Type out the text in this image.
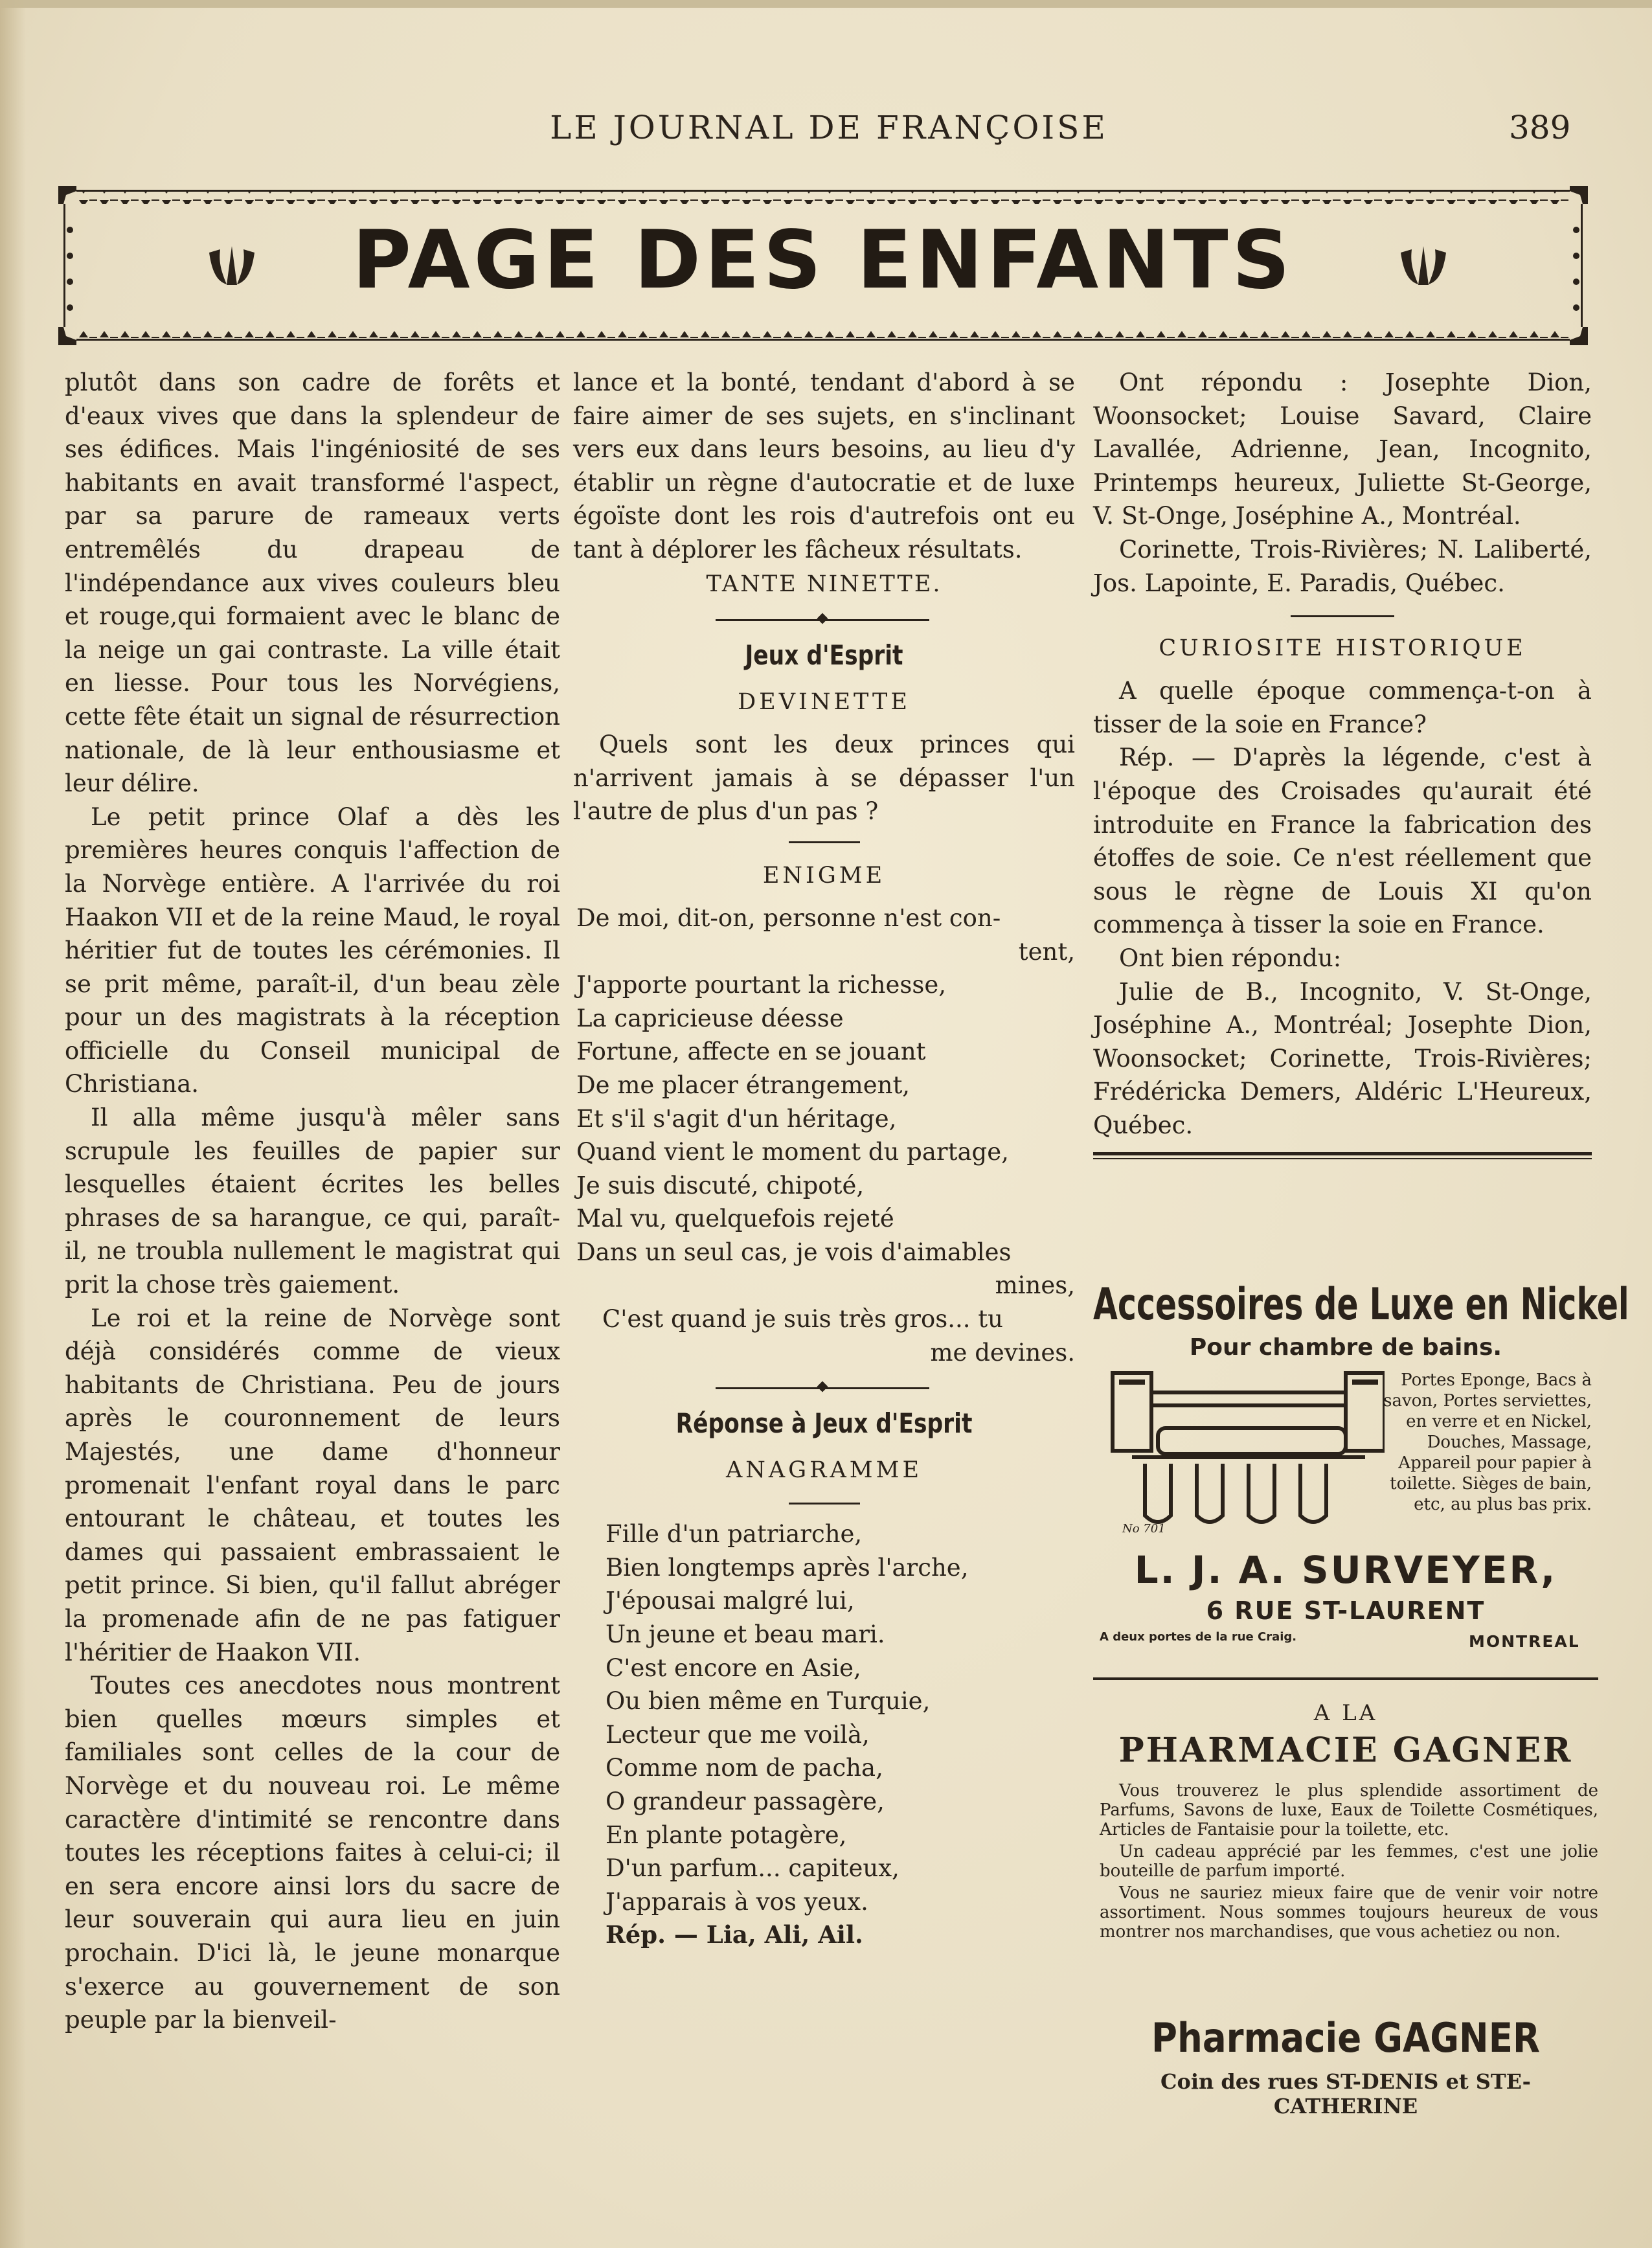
LE JOURNAL DE FRANÇOISE	389
PAGE DES ENFANTS

plutôt dans son cadre de forêts et d'eaux vives que dans la splendeur de ses édifices. Mais l'ingéniosité de ses habitants en avait transformé l'aspect, par sa parure de rameaux verts entremêlés du drapeau de l'indépendance aux vives couleurs bleu et rouge,qui formaient avec le blanc de la neige un gai contraste. La ville était en liesse. Pour tous les Norvégiens, cette fête était un signal de résurrection nationale, de là leur enthousiasme et leur délire.

Le petit prince Olaf a dès les premières heures conquis l'affection de la Norvège entière. A l'arrivée du roi Haakon VII et de la reine Maud, le royal héritier fut de toutes les cérémonies. Il se prit même, paraît-il, d'un beau zèle pour un des magistrats à la réception officielle du Conseil municipal de Christiana.

Il alla même jusqu'à mêler sans scrupule les feuilles de papier sur lesquelles étaient écrites les belles phrases de sa harangue, ce qui, paraît-il, ne troubla nullement le magistrat qui prit la chose très gaiement.

Le roi et la reine de Norvège sont déjà considérés comme de vieux habitants de Christiana. Peu de jours après le couronnement de leurs Majestés, une dame d'honneur promenait l'enfant royal dans le parc entourant le château, et toutes les dames qui passaient embrassaient le petit prince. Si bien, qu'il fallut abréger la promenade afin de ne pas fatiguer l'héritier de Haakon VII.

Toutes ces anecdotes nous montrent bien quelles mœurs simples et familiales sont celles de la cour de Norvège et du nouveau roi. Le même caractère d'intimité se rencontre dans toutes les réceptions faites à celui-ci; il en sera encore ainsi lors du sacre de leur souverain qui aura lieu en juin prochain. D'ici là, le jeune monarque s'exerce au gouvernement de son peuple par la bienveil-

lance et la bonté, tendant d'abord à se faire aimer de ses sujets, en s'inclinant vers eux dans leurs besoins, au lieu d'y établir un règne d'autocratie et de luxe égoïste dont les rois d'autrefois ont eu tant à déplorer les fâcheux résultats.

TANTE NINETTE.

Jeux d'Esprit

DEVINETTE

Quels sont les deux princes qui n'arrivent jamais à se dépasser l'un l'autre de plus d'un pas ?

ENIGME

De moi, dit-on, personne n'est con-

tent,

J'apporte pourtant la richesse,

La capricieuse déesse

Fortune, affecte en se jouant

De me placer étrangement,

Et s'il s'agit d'un héritage,

Quand vient le moment du partage,

Je suis discuté, chipoté,

Mal vu, quelquefois rejeté

Dans un seul cas, je vois d'aimables

mines,

C'est quand je suis très gros... tu

me devines.

Réponse à Jeux d'Esprit

ANAGRAMME

Fille d'un patriarche,

Bien longtemps après l'arche,

J'épousai malgré lui,

Un jeune et beau mari.

C'est encore en Asie,

Ou bien même en Turquie,

Lecteur que me voilà,

Comme nom de pacha,

O grandeur passagère,

En plante potagère,

D'un parfum... capiteux,

J'apparais à vos yeux.

Rép. — Lia, Ali, Ail.

Ont répondu : Josephte Dion, Woonsocket; Louise Savard, Claire Lavallée, Adrienne, Jean, Incognito, Printemps heureux, Juliette St-George, V. St-Onge, Joséphine A., Montréal.

Corinette, Trois-Rivières; N. Laliberté, Jos. Lapointe, E. Paradis, Québec.

CURIOSITE HISTORIQUE

A quelle époque commença-t-on à tisser de la soie en France?

Rép. — D'après la légende, c'est à l'époque des Croisades qu'aurait été introduite en France la fabrication des étoffes de soie. Ce n'est réellement que sous le règne de Louis XI qu'on commença à tisser la soie en France.

Ont bien répondu:

Julie de B., Incognito, V. St-Onge, Joséphine A., Montréal; Josephte Dion, Woonsocket; Corinette, Trois-Rivières; Frédéricka Demers, Aldéric L'Heureux, Québec.

Accessoires de Luxe en Nickel
Pour chambre de bains.
No 701
Portes Eponge, Bacs à savon, Portes serviettes, en verre et en Nickel, Douches, Massage, Appareil pour papier à toilette. Sièges de bain, etc, au plus bas prix.
L. J. A. SURVEYER,
6 RUE ST-LAURENT
A deux portes de la rue Craig.	MONTREAL
A LA
PHARMACIE GAGNER

Vous trouverez le plus splendide assortiment de Parfums, Savons de luxe, Eaux de Toilette Cosmétiques, Articles de Fantaisie pour la toilette, etc.

Un cadeau apprécié par les femmes, c'est une jolie bouteille de parfum importé.

Vous ne sauriez mieux faire que de venir voir notre assortiment. Nous sommes toujours heureux de vous montrer nos marchandises, que vous achetiez ou non.

Pharmacie GAGNER
Coin des rues ST-DENIS et STE-CATHERINE
